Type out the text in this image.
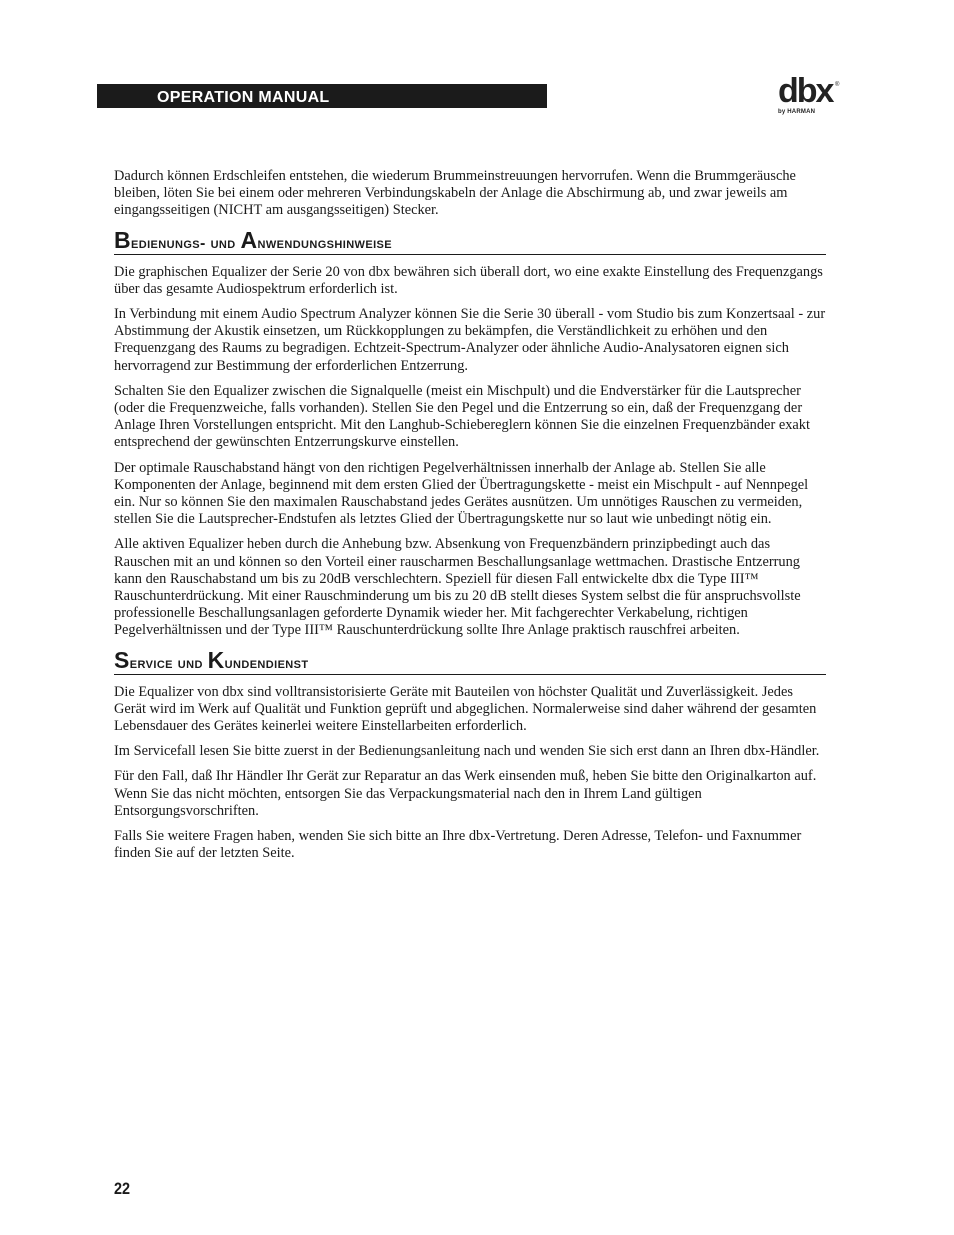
OPERATION MANUAL	dbx ®
by HARMAN

Dadurch können Erdschleifen entstehen, die wiederum Brummeinstreuungen hervorrufen. Wenn die Brummgeräusche bleiben, löten Sie bei einem oder mehreren Verbindungskabeln der Anlage die Abschirmung ab, und zwar jeweils am eingangsseitigen (NICHT am ausgangsseitigen) Stecker.

Bedienungs- und Anwendungshinweise

Die graphischen Equalizer der Serie 20 von dbx bewähren sich überall dort, wo eine exakte Einstellung des Frequenzgangs über das gesamte Audiospektrum erforderlich ist.

In Verbindung mit einem Audio Spectrum Analyzer können Sie die Serie 30 überall - vom Studio bis zum Konzertsaal - zur Abstimmung der Akustik einsetzen, um Rückkopplungen zu bekämpfen, die Verständlichkeit zu erhöhen und den Frequenzgang des Raums zu begradigen. Echtzeit-Spectrum-Analyzer oder ähnliche Audio-Analysatoren eignen sich hervorragend zur Bestimmung der erforderlichen Entzerrung.

Schalten Sie den Equalizer zwischen die Signalquelle (meist ein Mischpult) und die Endverstärker für die Lautsprecher (oder die Frequenzweiche, falls vorhanden). Stellen Sie den Pegel und die Entzerrung so ein, daß der Frequenzgang der Anlage Ihren Vorstellungen entspricht. Mit den Langhub-Schiebereglern können Sie die einzelnen Frequenzbänder exakt entsprechend der gewünschten Entzerrungskurve einstellen.

Der optimale Rauschabstand hängt von den richtigen Pegelverhältnissen innerhalb der Anlage ab. Stellen Sie alle Komponenten der Anlage, beginnend mit dem ersten Glied der Übertragungskette - meist ein Mischpult - auf Nennpegel ein. Nur so können Sie den maximalen Rauschabstand jedes Gerätes ausnützen. Um unnötiges Rauschen zu vermeiden, stellen Sie die Lautsprecher-Endstufen als letztes Glied der Übertragungskette nur so laut wie unbedingt nötig ein.

Alle aktiven Equalizer heben durch die Anhebung bzw. Absenkung von Frequenzbändern prinzipbedingt auch das Rauschen mit an und können so den Vorteil einer rauscharmen Beschallungsanlage wettmachen. Drastische Entzerrung kann den Rauschabstand um bis zu 20dB verschlechtern. Speziell für diesen Fall entwickelte dbx die Type III™ Rauschunterdrückung. Mit einer Rauschminderung um bis zu 20 dB stellt dieses System selbst die für anspruchsvollste professionelle Beschallungsanlagen geforderte Dynamik wieder her. Mit fachgerechter Verkabelung, richtigen Pegelverhältnissen und der Type III™ Rauschunterdrückung sollte Ihre Anlage praktisch rauschfrei arbeiten.

Service und Kundendienst

Die Equalizer von dbx sind volltransistorisierte Geräte mit Bauteilen von höchster Qualität und Zuverlässigkeit. Jedes Gerät wird im Werk auf Qualität und Funktion geprüft und abgeglichen. Normalerweise sind daher während der gesamten Lebensdauer des Gerätes keinerlei weitere Einstellarbeiten erforderlich.

Im Servicefall lesen Sie bitte zuerst in der Bedienungsanleitung nach und wenden Sie sich erst dann an Ihren dbx-Händler.

Für den Fall, daß Ihr Händler Ihr Gerät zur Reparatur an das Werk einsenden muß, heben Sie bitte den Originalkarton auf. Wenn Sie das nicht möchten, entsorgen Sie das Verpackungsmaterial nach den in Ihrem Land gültigen Entsorgungsvorschriften.

Falls Sie weitere Fragen haben, wenden Sie sich bitte an Ihre dbx-Vertretung. Deren Adresse, Telefon- und Faxnummer finden Sie auf der letzten Seite.

22
